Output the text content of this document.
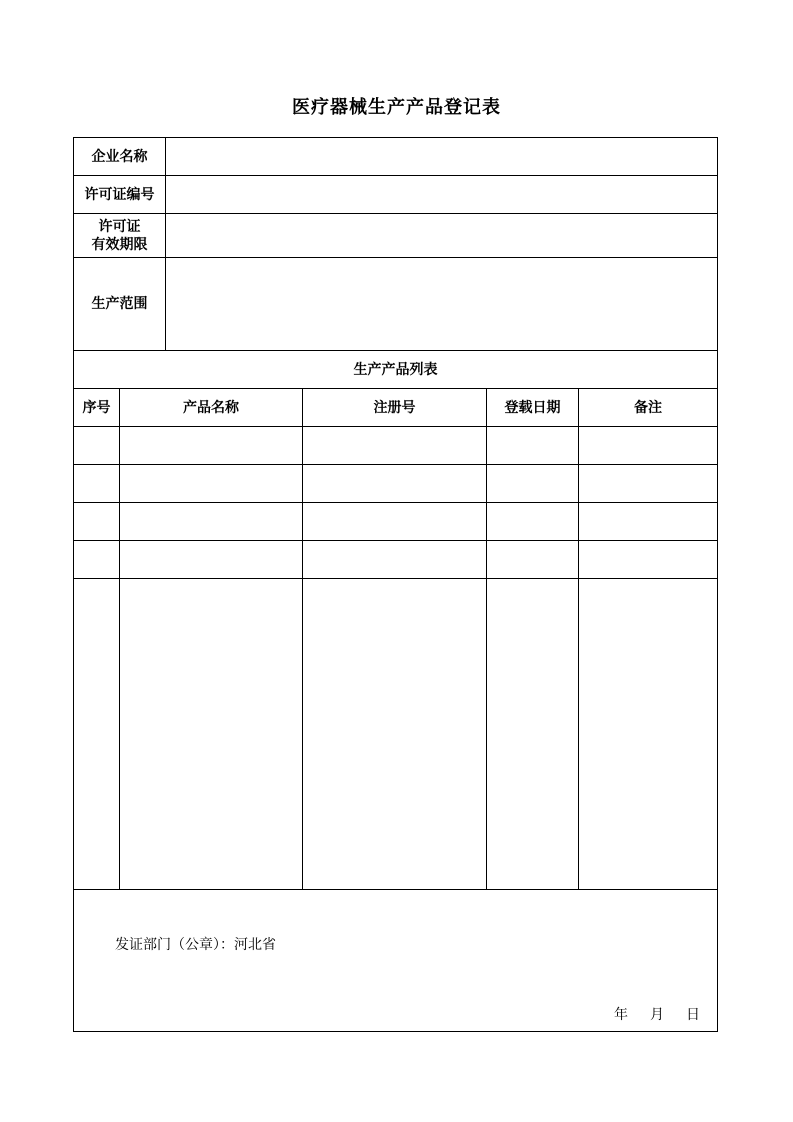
医疗器械生产产品登记表
企业名称
许可证编号
许可证
有效期限
生产范围
生产产品列表
序号	产品名称	注册号	登载日期	备注
发证部门（公章）：河北省
年 月 日
